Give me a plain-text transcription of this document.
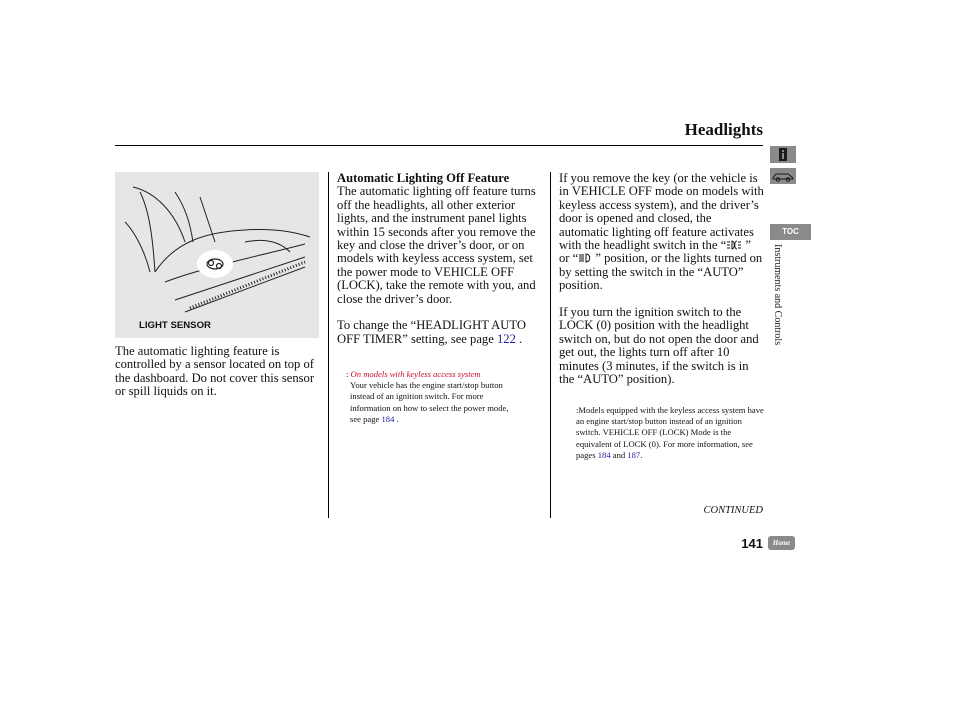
Headlights
TOC
Instruments and Controls
LIGHT SENSOR

The automatic lighting feature is controlled by a sensor located on top of the dashboard. Do not cover this sensor or spill liquids on it.

Automatic Lighting Off Feature

The automatic lighting off feature turns off the headlights, all other exterior lights, and the instrument panel lights within 15 seconds after you remove the key and close the driver’s door, or on models with keyless access system, set the power mode to VEHICLE OFF (LOCK), take the remote with you, and close the driver’s door.

To change the “HEADLIGHT AUTO OFF TIMER” setting, see page 122 .

: On models with keyless access system
Your vehicle has the engine start/stop button instead of an ignition switch. For more information on how to select the power mode, see page 184 .

If you remove the key (or the vehicle is in VEHICLE OFF mode on models with keyless access system), and the driver’s door is opened and closed, the automatic lighting off feature activates with the headlight switch in the “ ” or “ ” position, or the lights turned on by setting the switch in the “AUTO” position.

If you turn the ignition switch to the LOCK (0) position with the headlight switch on, but do not open the door and get out, the lights turn off after 10 minutes (3 minutes, if the switch is in the “AUTO” position).

:Models equipped with the keyless access system have an engine start/stop button instead of an ignition switch. VEHICLE OFF (LOCK) Mode is the equivalent of LOCK (0). For more information, see pages 184 and 187.
CONTINUED
141	Home
